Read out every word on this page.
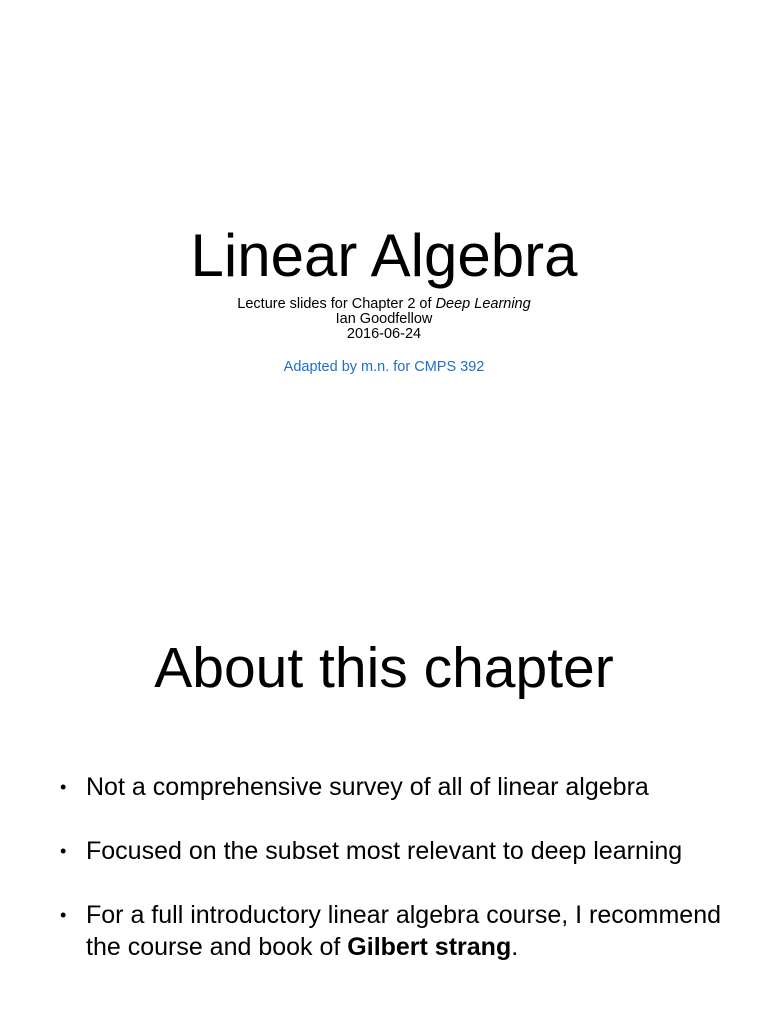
Linear Algebra
Lecture slides for Chapter 2 of Deep Learning
Ian Goodfellow
2016-06-24
Adapted by m.n. for CMPS 392
About this chapter
• Not a comprehensive survey of all of linear algebra
• Focused on the subset most relevant to deep learning
• For a full introductory linear algebra course, I recommend the course and book of Gilbert strang.
